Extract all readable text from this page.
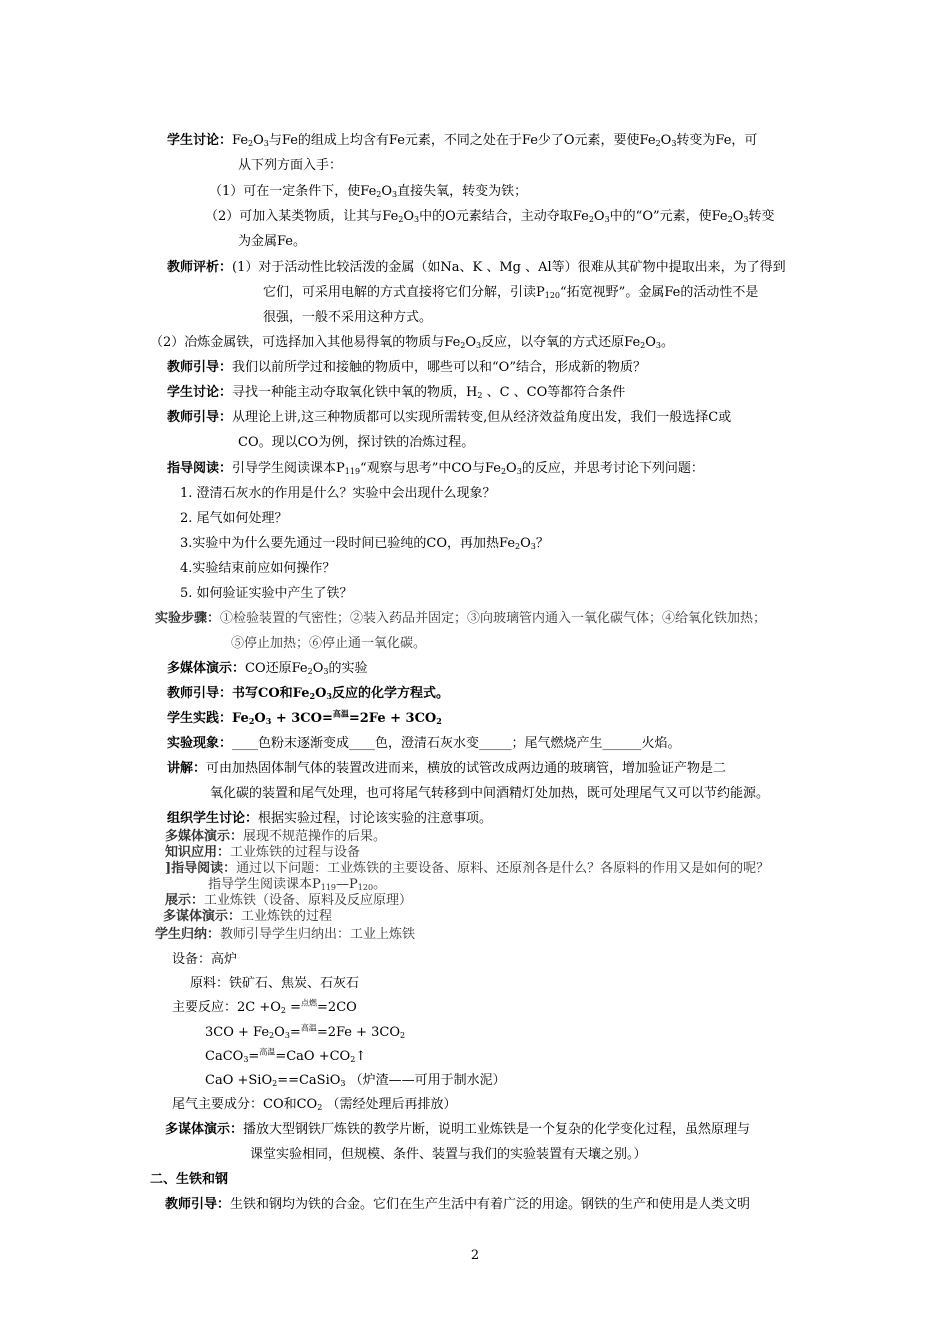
学生讨论：$Fe_2O_3$与Fe的组成上均含有Fe元素，不同之处在于Fe少了O元素，要使$Fe_2O_3$转变为Fe，可
从下列方面入手：
（1）可在一定条件下，使$Fe_2O_3$直接失氧，转变为铁；
（2）可加入某类物质，让其与$Fe_2O_3$中的O元素结合，主动夺取$Fe_2O_3$中的“O”元素，使$Fe_2O_3$转变
为金属Fe。
教师评析：(1）对于活动性比较活泼的金属（如Na、K 、Mg 、Al等）很难从其矿物中提取出来，为了得到
它们，可采用电解的方式直接将它们分解，引读$P_{120}“$拓宽视野”。金属Fe的活动性不是
很强，一般不采用这种方式。
（2）冶炼金属铁，可选择加入其他易得氧的物质与$Fe_2O_3$反应，以夺氧的方式还原$Fe_2O_3$。
教师引导：我们以前所学过和接触的物质中，哪些可以和“O”结合，形成新的物质？
学生讨论：寻找一种能主动夺取氧化铁中氧的物质，$H_2$ 、C 、CO等都符合条件
教师引导：从理论上讲,这三种物质都可以实现所需转变,但从经济效益角度出发，我们一般选择C或
CO。现以CO为例，探讨铁的冶炼过程。
指导阅读：引导学生阅读课本$P_{119}“$观察与思考”中CO与$Fe_2O_3$的反应，并思考讨论下列问题：
1. 澄清石灰水的作用是什么？实验中会出现什么现象？
2. 尾气如何处理？
3.实验中为什么要先通过一段时间已验纯的CO，再加热$Fe_2O_3$？
4.实验结束前应如何操作？
5. 如何验证实验中产生了铁？
实验步骤：①检验装置的气密性；②装入药品并固定；③向玻璃管内通入一氧化碳气体；④给氧化铁加热；
⑤停止加热；⑥停止通一氧化碳。
多媒体演示：CO还原$Fe_2O_3$的实验
教师引导：书写CO和$Fe_2O_3$反应的化学方程式。
学生实践：$Fe_2O_3 + 3CO=^{高温}=2Fe + 3CO_2$
实验现象：____色粉末逐渐变成____色，澄清石灰水变_____；尾气燃烧产生______火焰。
讲解：可由加热固体制气体的装置改进而来，横放的试管改成两边通的玻璃管，增加验证产物是二
氧化碳的装置和尾气处理，也可将尾气转移到中间酒精灯处加热，既可处理尾气又可以节约能源。
组织学生讨论：根据实验过程，讨论该实验的注意事项。
多媒体演示：展现不规范操作的后果。
知识应用：工业炼铁的过程与设备
]指导阅读：通过以下问题：工业炼铁的主要设备、原料、还原剂各是什么？各原料的作用又是如何的呢？
指导学生阅读课本$P_{119}—P_{120}$。
展示：工业炼铁（设备、原料及反应原理）
多谋体演示：工业炼铁的过程
学生归纳：教师引导学生归纳出：工业上炼铁
设备：高炉
原料：铁矿石、焦炭、石灰石
主要反应：$2C +O_2 =^{点燃}=2CO$
$3CO + Fe_2O_3=^{高温}=2Fe + 3CO_2$
CaCO$_3$=$^{高温}$=CaO $+CO_2↑$
CaO +SiO$_2$==CaSiO$_3$ （炉渣——可用于制水泥）
尾气主要成分：CO和$CO_2$ （需经处理后再排放）
多谋体演示：播放大型钢铁厂炼铁的教学片断，说明工业炼铁是一个复杂的化学变化过程，虽然原理与
课堂实验相同，但规模、条件、装置与我们的实验装置有天壤之别。）
二、生铁和钢
教师引导：生铁和钢均为铁的合金。它们在生产生活中有着广泛的用途。钢铁的生产和使用是人类文明
2
